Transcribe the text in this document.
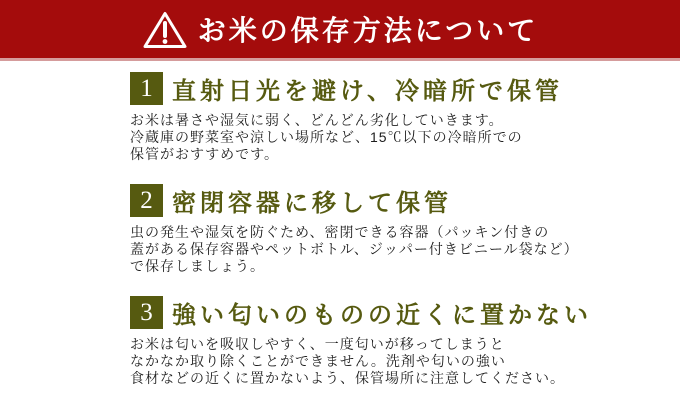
お米の保存方法について
1 直射日光を避け、冷暗所で保管
お米は暑さや湿気に弱く、どんどん劣化していきます。
冷蔵庫の野菜室や涼しい場所など、15℃以下の冷暗所での
保管がおすすめです。
2 密閉容器に移して保管
虫の発生や湿気を防ぐため、密閉できる容器（パッキン付きの
蓋がある保存容器やペットボトル、ジッパー付きビニール袋など）
で保存しましょう。
3 強い匂いのものの近くに置かない
お米は匂いを吸収しやすく、一度匂いが移ってしまうと
なかなか取り除くことができません。洗剤や匂いの強い
食材などの近くに置かないよう、保管場所に注意してください。
